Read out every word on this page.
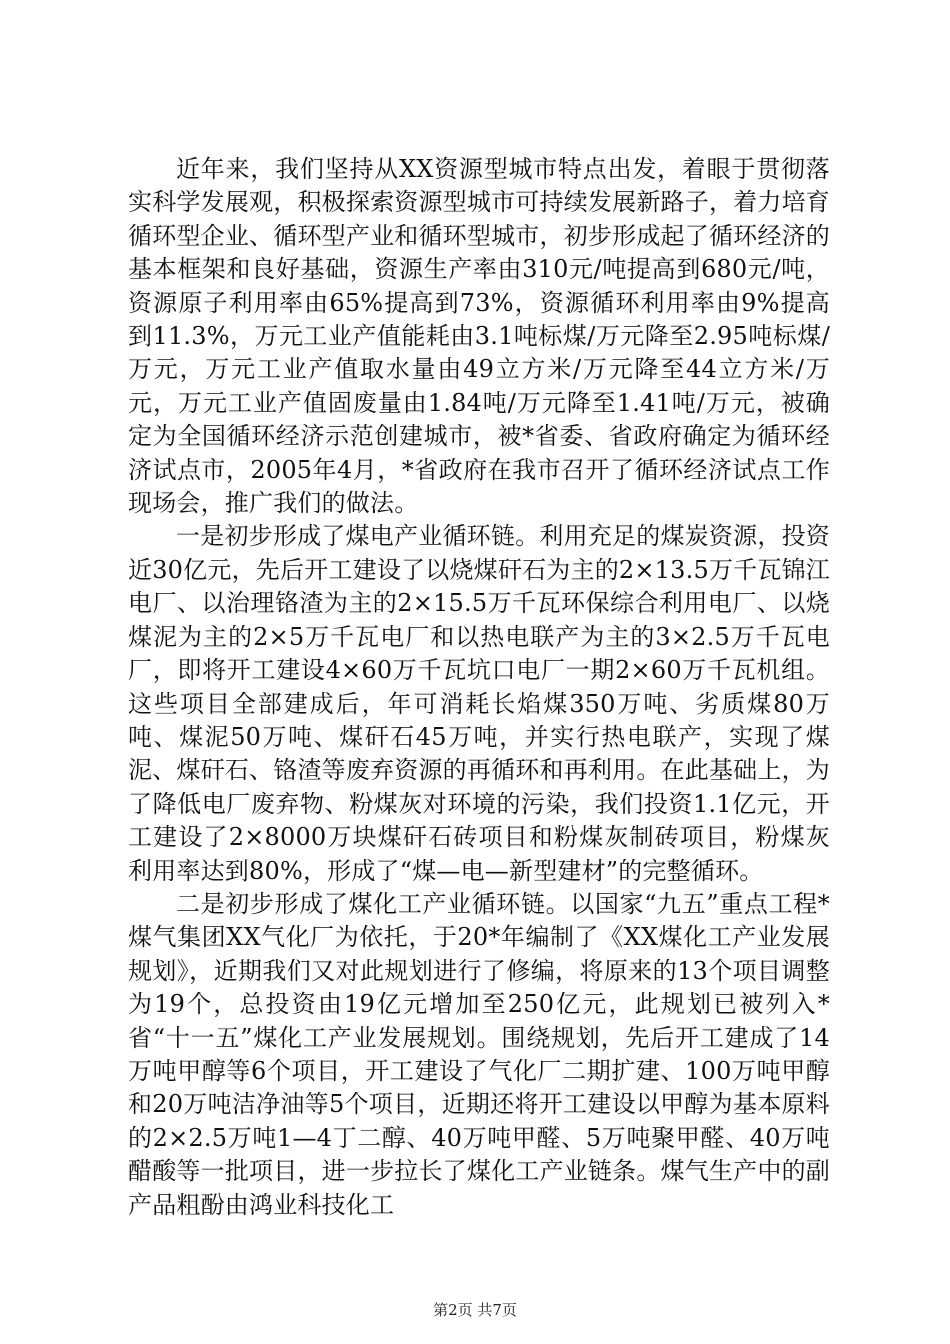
近年来，我们坚持从XX资源型城市特点出发，着眼于贯彻落实科学发展观，积极探索资源型城市可持续发展新路子，着力培育循环型企业、循环型产业和循环型城市，初步形成起了循环经济的基本框架和良好基础，资源生产率由310元/吨提高到680元/吨，资源原子利用率由65%提高到73%，资源循环利用率由9%提高到11.3%，万元工业产值能耗由3.1吨标煤/万元降至2.95吨标煤/万元，万元工业产值取水量由49立方米/万元降至44立方米/万元，万元工业产值固废量由1.84吨/万元降至1.41吨/万元，被确定为全国循环经济示范创建城市，被*省委、省政府确定为循环经济试点市，2005年4月，*省政府在我市召开了循环经济试点工作现场会，推广我们的做法。

一是初步形成了煤电产业循环链。利用充足的煤炭资源，投资近30亿元，先后开工建设了以烧煤矸石为主的2×13.5万千瓦锦江电厂、以治理铬渣为主的2×15.5万千瓦环保综合利用电厂、以烧煤泥为主的2×5万千瓦电厂和以热电联产为主的3×2.5万千瓦电厂，即将开工建设4×60万千瓦坑口电厂一期2×60万千瓦机组。这些项目全部建成后，年可消耗长焰煤350万吨、劣质煤80万吨、煤泥50万吨、煤矸石45万吨，并实行热电联产，实现了煤泥、煤矸石、铬渣等废弃资源的再循环和再利用。在此基础上，为了降低电厂废弃物、粉煤灰对环境的污染，我们投资1.1亿元，开工建设了2×8000万块煤矸石砖项目和粉煤灰制砖项目，粉煤灰利用率达到80%，形成了“煤—电—新型建材”的完整循环。

二是初步形成了煤化工产业循环链。以国家“九五”重点工程*煤气集团XX气化厂为依托，于20*年编制了《XX煤化工产业发展规划》，近期我们又对此规划进行了修编，将原来的13个项目调整为19个，总投资由19亿元增加至250亿元，此规划已被列入*省“十一五”煤化工产业发展规划。围绕规划，先后开工建成了14万吨甲醇等6个项目，开工建设了气化厂二期扩建、100万吨甲醇和20万吨洁净油等5个项目，近期还将开工建设以甲醇为基本原料的2×2.5万吨1—4丁二醇、40万吨甲醛、5万吨聚甲醛、40万吨醋酸等一批项目，进一步拉长了煤化工产业链条。煤气生产中的副产品粗酚由鸿业科技化工

第2页 共7页
